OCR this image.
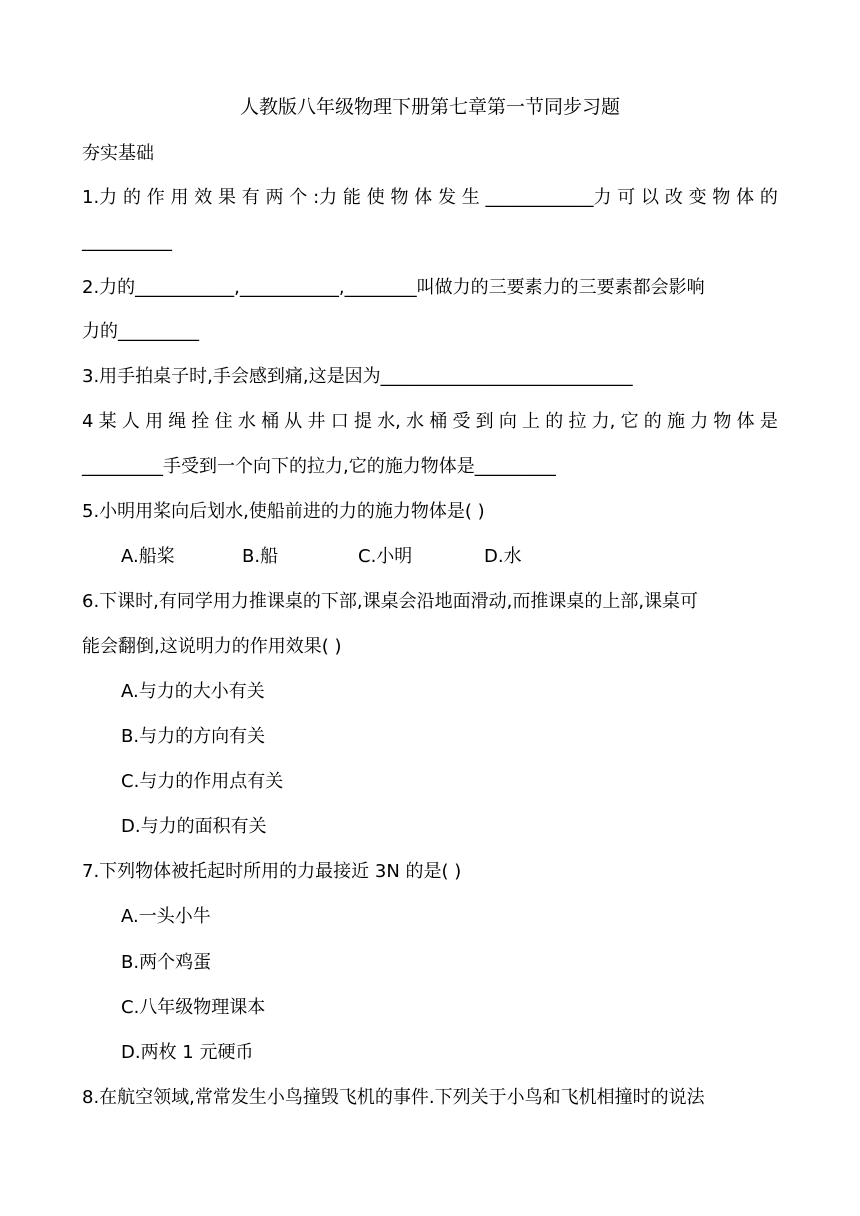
人教版八年级物理下册第七章第一节同步习题
夯实基础
1.力 的 作 用 效 果 有 两 个 :力 能 使 物 体 发 生 ____________力 可 以 改 变 物 体 的
__________
2.力的___________,___________,________叫做力的三要素力的三要素都会影响
力的_________
3.用手拍桌子时,手会感到痛,这是因为____________________________
4 某 人 用 绳 拴 住 水 桶 从 井 口 提 水, 水 桶 受 到 向 上 的 拉 力, 它 的 施 力 物 体 是
_________手受到一个向下的拉力,它的施力物体是_________
5.小明用桨向后划水,使船前进的力的施力物体是( )
A.船桨	B.船	C.小明	D.水
6.下课时,有同学用力推课桌的下部,课桌会沿地面滑动,而推课桌的上部,课桌可
能会翻倒,这说明力的作用效果( )
A.与力的大小有关
B.与力的方向有关
C.与力的作用点有关
D.与力的面积有关
7.下列物体被托起时所用的力最接近 3N 的是( )
A.一头小牛
B.两个鸡蛋
C.八年级物理课本
D.两枚 1 元硬币
8.在航空领域,常常发生小鸟撞毁飞机的事件.下列关于小鸟和飞机相撞时的说法
